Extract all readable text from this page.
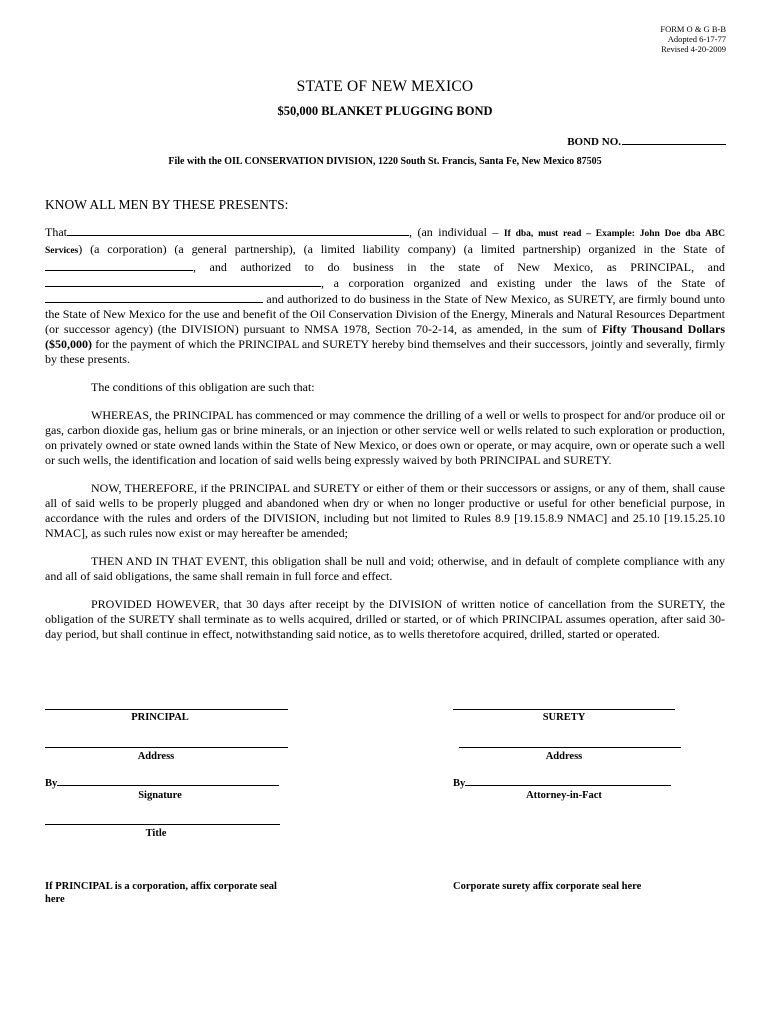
FORM O & G B-B
Adopted 6-17-77
Revised 4-20-2009
STATE OF NEW MEXICO
$50,000 BLANKET PLUGGING BOND
BOND NO.
File with the OIL CONSERVATION DIVISION, 1220 South St. Francis, Santa Fe, New Mexico 87505
KNOW ALL MEN BY THESE PRESENTS:

That	, (an individual – If dba, must read – Example: John Doe dba ABC Services) (a corporation) (a general partnership), (a limited liability company) (a limited partnership) organized in the State of , and authorized to do business in the state of New Mexico, as PRINCIPAL, and , a corporation organized and existing under the laws of the State of  and authorized to do business in the State of New Mexico, as SURETY, are firmly bound unto the State of New Mexico for the use and benefit of the Oil Conservation Division of the Energy, Minerals and Natural Resources Department (or successor agency) (the DIVISION) pursuant to NMSA 1978, Section 70-2-14, as amended, in the sum of Fifty Thousand Dollars ($50,000) for the payment of which the PRINCIPAL and SURETY hereby bind themselves and their successors, jointly and severally, firmly by these presents.

The conditions of this obligation are such that:

WHEREAS, the PRINCIPAL has commenced or may commence the drilling of a well or wells to prospect for and/or produce oil or gas, carbon dioxide gas, helium gas or brine minerals, or an injection or other service well or wells related to such exploration or production, on privately owned or state owned lands within the State of New Mexico, or does own or operate, or may acquire, own or operate such a well or such wells, the identification and location of said wells being expressly waived by both PRINCIPAL and SURETY.

NOW, THEREFORE, if the PRINCIPAL and SURETY or either of them or their successors or assigns, or any of them, shall cause all of said wells to be properly plugged and abandoned when dry or when no longer productive or useful for other beneficial purpose, in accordance with the rules and orders of the DIVISION, including but not limited to Rules 8.9 [19.15.8.9 NMAC] and 25.10 [19.15.25.10 NMAC], as such rules now exist or may hereafter be amended;

THEN AND IN THAT EVENT, this obligation shall be null and void; otherwise, and in default of complete compliance with any and all of said obligations, the same shall remain in full force and effect.

PROVIDED HOWEVER, that 30 days after receipt by the DIVISION of written notice of cancellation from the SURETY, the obligation of the SURETY shall terminate as to wells acquired, drilled or started, or of which PRINCIPAL assumes operation, after said 30-day period, but shall continue in effect, notwithstanding said notice, as to wells theretofore acquired, drilled, started or operated.

PRINCIPAL
Address
By
Signature
Title
SURETY
Address
By
Attorney-in-Fact
If PRINCIPAL is a corporation, affix corporate seal here
Corporate surety affix corporate seal here
